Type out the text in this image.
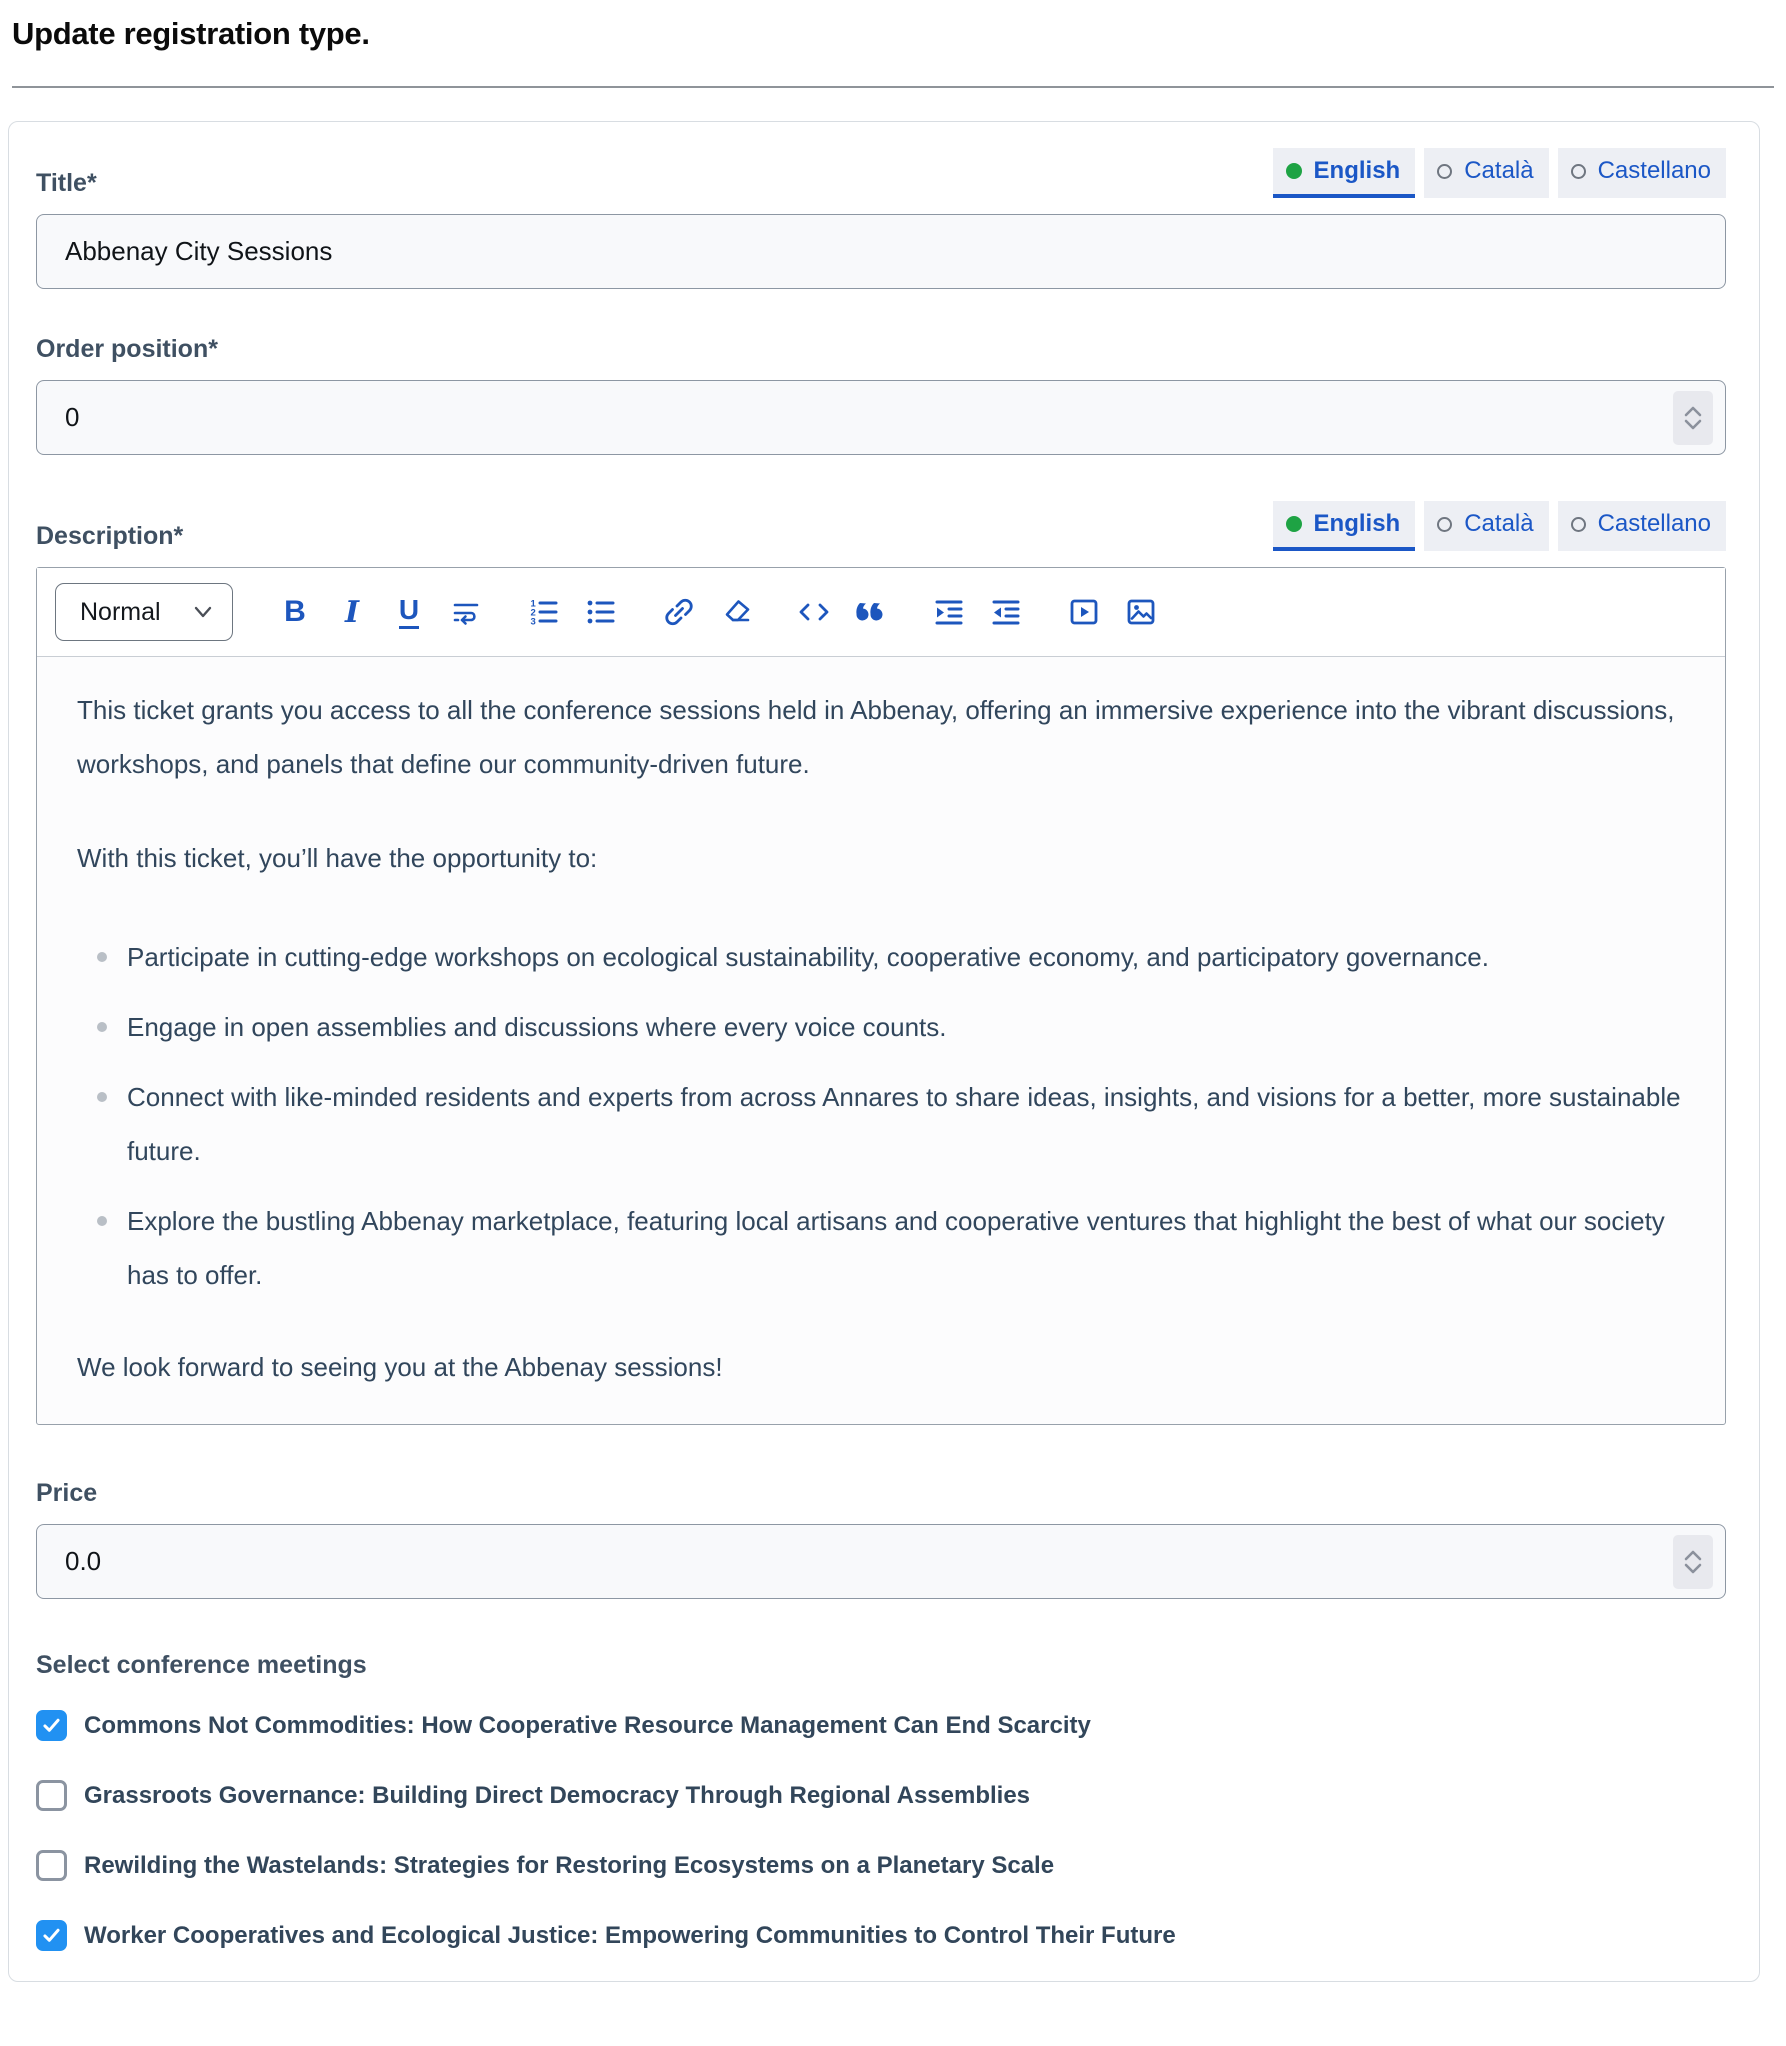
Update registration type.
Title*	English	Català	Castellano
Abbenay City Sessions
Order position*
0
Description*	English	Català	Castellano
Normal	B I U	1
2
3

This ticket grants you access to all the conference sessions held in Abbenay, offering an immersive experience into the vibrant discussions, workshops, and panels that define our community-driven future.

With this ticket, you’ll have the opportunity to:

Participate in cutting-edge workshops on ecological sustainability, cooperative economy, and participatory governance.
Engage in open assemblies and discussions where every voice counts.
Connect with like-minded residents and experts from across Annares to share ideas, insights, and visions for a better, more sustainable future.
Explore the bustling Abbenay marketplace, featuring local artisans and cooperative ventures that highlight the best of what our society has to offer.

We look forward to seeing you at the Abbenay sessions!

Price
0.0
Select conference meetings
Commons Not Commodities: How Cooperative Resource Management Can End Scarcity
Grassroots Governance: Building Direct Democracy Through Regional Assemblies
Rewilding the Wastelands: Strategies for Restoring Ecosystems on a Planetary Scale
Worker Cooperatives and Ecological Justice: Empowering Communities to Control Their Future
